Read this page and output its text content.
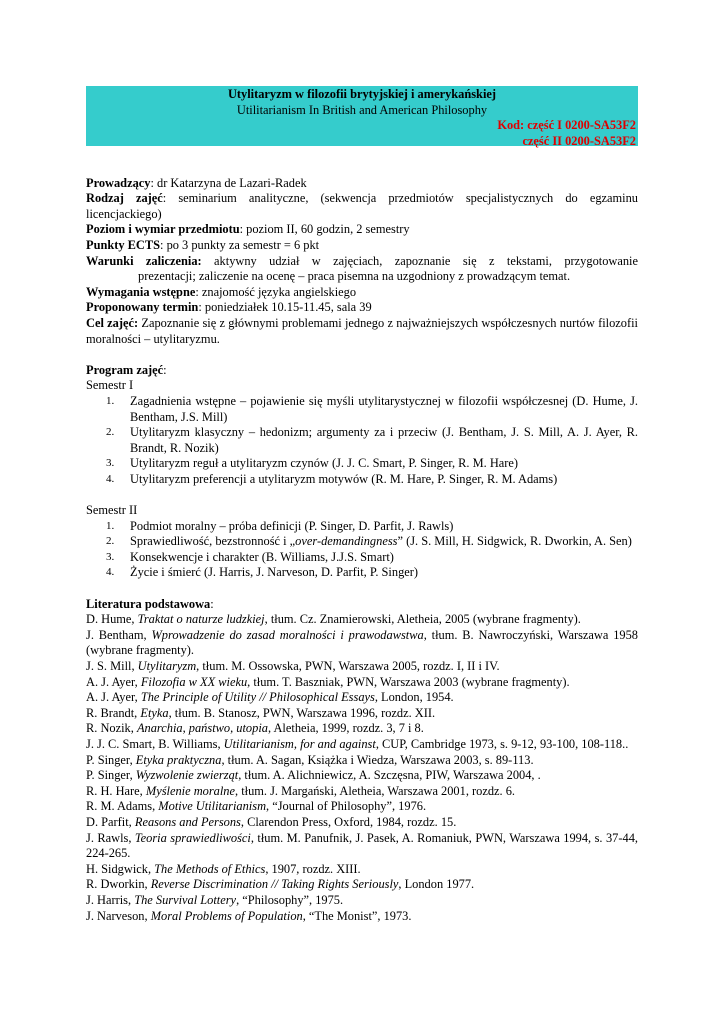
Utylitaryzm w filozofii brytyjskiej i amerykańskiej
Utilitarianism In British and American Philosophy
Kod: część I 0200-SA53F2
część II 0200-SA53F2

Prowadzący: dr Katarzyna de Lazari-Radek

Rodzaj zajęć: seminarium analityczne, (sekwencja przedmiotów specjalistycznych do egzaminu licencjackiego)

Poziom i wymiar przedmiotu: poziom II, 60 godzin, 2 semestry

Punkty ECTS: po 3 punkty za semestr = 6 pkt

Warunki zaliczenia: aktywny udział w zajęciach, zapoznanie się z tekstami, przygotowanie

prezentacji; zaliczenie na ocenę – praca pisemna na uzgodniony z prowadzącym temat.

Wymagania wstępne: znajomość języka angielskiego

Proponowany termin: poniedziałek 10.15-11.45, sala 39

Cel zajęć: Zapoznanie się z głównymi problemami jednego z najważniejszych współczesnych nurtów filozofii moralności – utylitaryzmu.

Program zajęć:

Semestr I

1. Zagadnienia wstępne – pojawienie się myśli utylitarystycznej w filozofii współczesnej (D. Hume, J. Bentham, J.S. Mill)
2. Utylitaryzm klasyczny – hedonizm; argumenty za i przeciw (J. Bentham, J. S. Mill, A. J. Ayer, R. Brandt, R. Nozik)
3. Utylitaryzm reguł a utylitaryzm czynów (J. J. C. Smart, P. Singer, R. M. Hare)
4. Utylitaryzm preferencji a utylitaryzm motywów (R. M. Hare, P. Singer, R. M. Adams)

Semestr II

1. Podmiot moralny – próba definicji (P. Singer, D. Parfit, J. Rawls)
2. Sprawiedliwość, bezstronność i „over-demandingness” (J. S. Mill, H. Sidgwick, R. Dworkin, A. Sen)
3. Konsekwencje i charakter (B. Williams, J.J.S. Smart)
4. Życie i śmierć (J. Harris, J. Narveson, D. Parfit, P. Singer)

Literatura podstawowa:

D. Hume, Traktat o naturze ludzkiej, tłum. Cz. Znamierowski, Aletheia, 2005 (wybrane fragmenty).

J. Bentham, Wprowadzenie do zasad moralności i prawodawstwa, tłum. B. Nawroczyński, Warszawa 1958 (wybrane fragmenty).

J. S. Mill, Utylitaryzm, tłum. M. Ossowska, PWN, Warszawa 2005, rozdz. I, II i IV.

A. J. Ayer, Filozofia w XX wieku, tłum. T. Baszniak, PWN, Warszawa 2003 (wybrane fragmenty).

A. J. Ayer, The Principle of Utility // Philosophical Essays, London, 1954.

R. Brandt, Etyka, tłum. B. Stanosz, PWN, Warszawa 1996, rozdz. XII.

R. Nozik, Anarchia, państwo, utopia, Aletheia, 1999, rozdz. 3, 7 i 8.

J. J. C. Smart, B. Williams, Utilitarianism, for and against, CUP, Cambridge 1973, s. 9-12, 93-100, 108-118..

P. Singer, Etyka praktyczna, tłum. A. Sagan, Książka i Wiedza, Warszawa 2003, s. 89-113.

P. Singer, Wyzwolenie zwierząt, tłum. A. Alichniewicz, A. Szczęsna, PIW, Warszawa 2004, .

R. H. Hare, Myślenie moralne, tłum. J. Margański, Aletheia, Warszawa 2001, rozdz. 6.

R. M. Adams, Motive Utilitarianism, “Journal of Philosophy”, 1976.

D. Parfit, Reasons and Persons, Clarendon Press, Oxford, 1984, rozdz. 15.

J. Rawls, Teoria sprawiedliwości, tłum. M. Panufnik, J. Pasek, A. Romaniuk, PWN, Warszawa 1994, s. 37-44, 224-265.

H. Sidgwick, The Methods of Ethics, 1907, rozdz. XIII.

R. Dworkin, Reverse Discrimination // Taking Rights Seriously, London 1977.

J. Harris, The Survival Lottery, “Philosophy”, 1975.

J. Narveson, Moral Problems of Population, “The Monist”, 1973.
